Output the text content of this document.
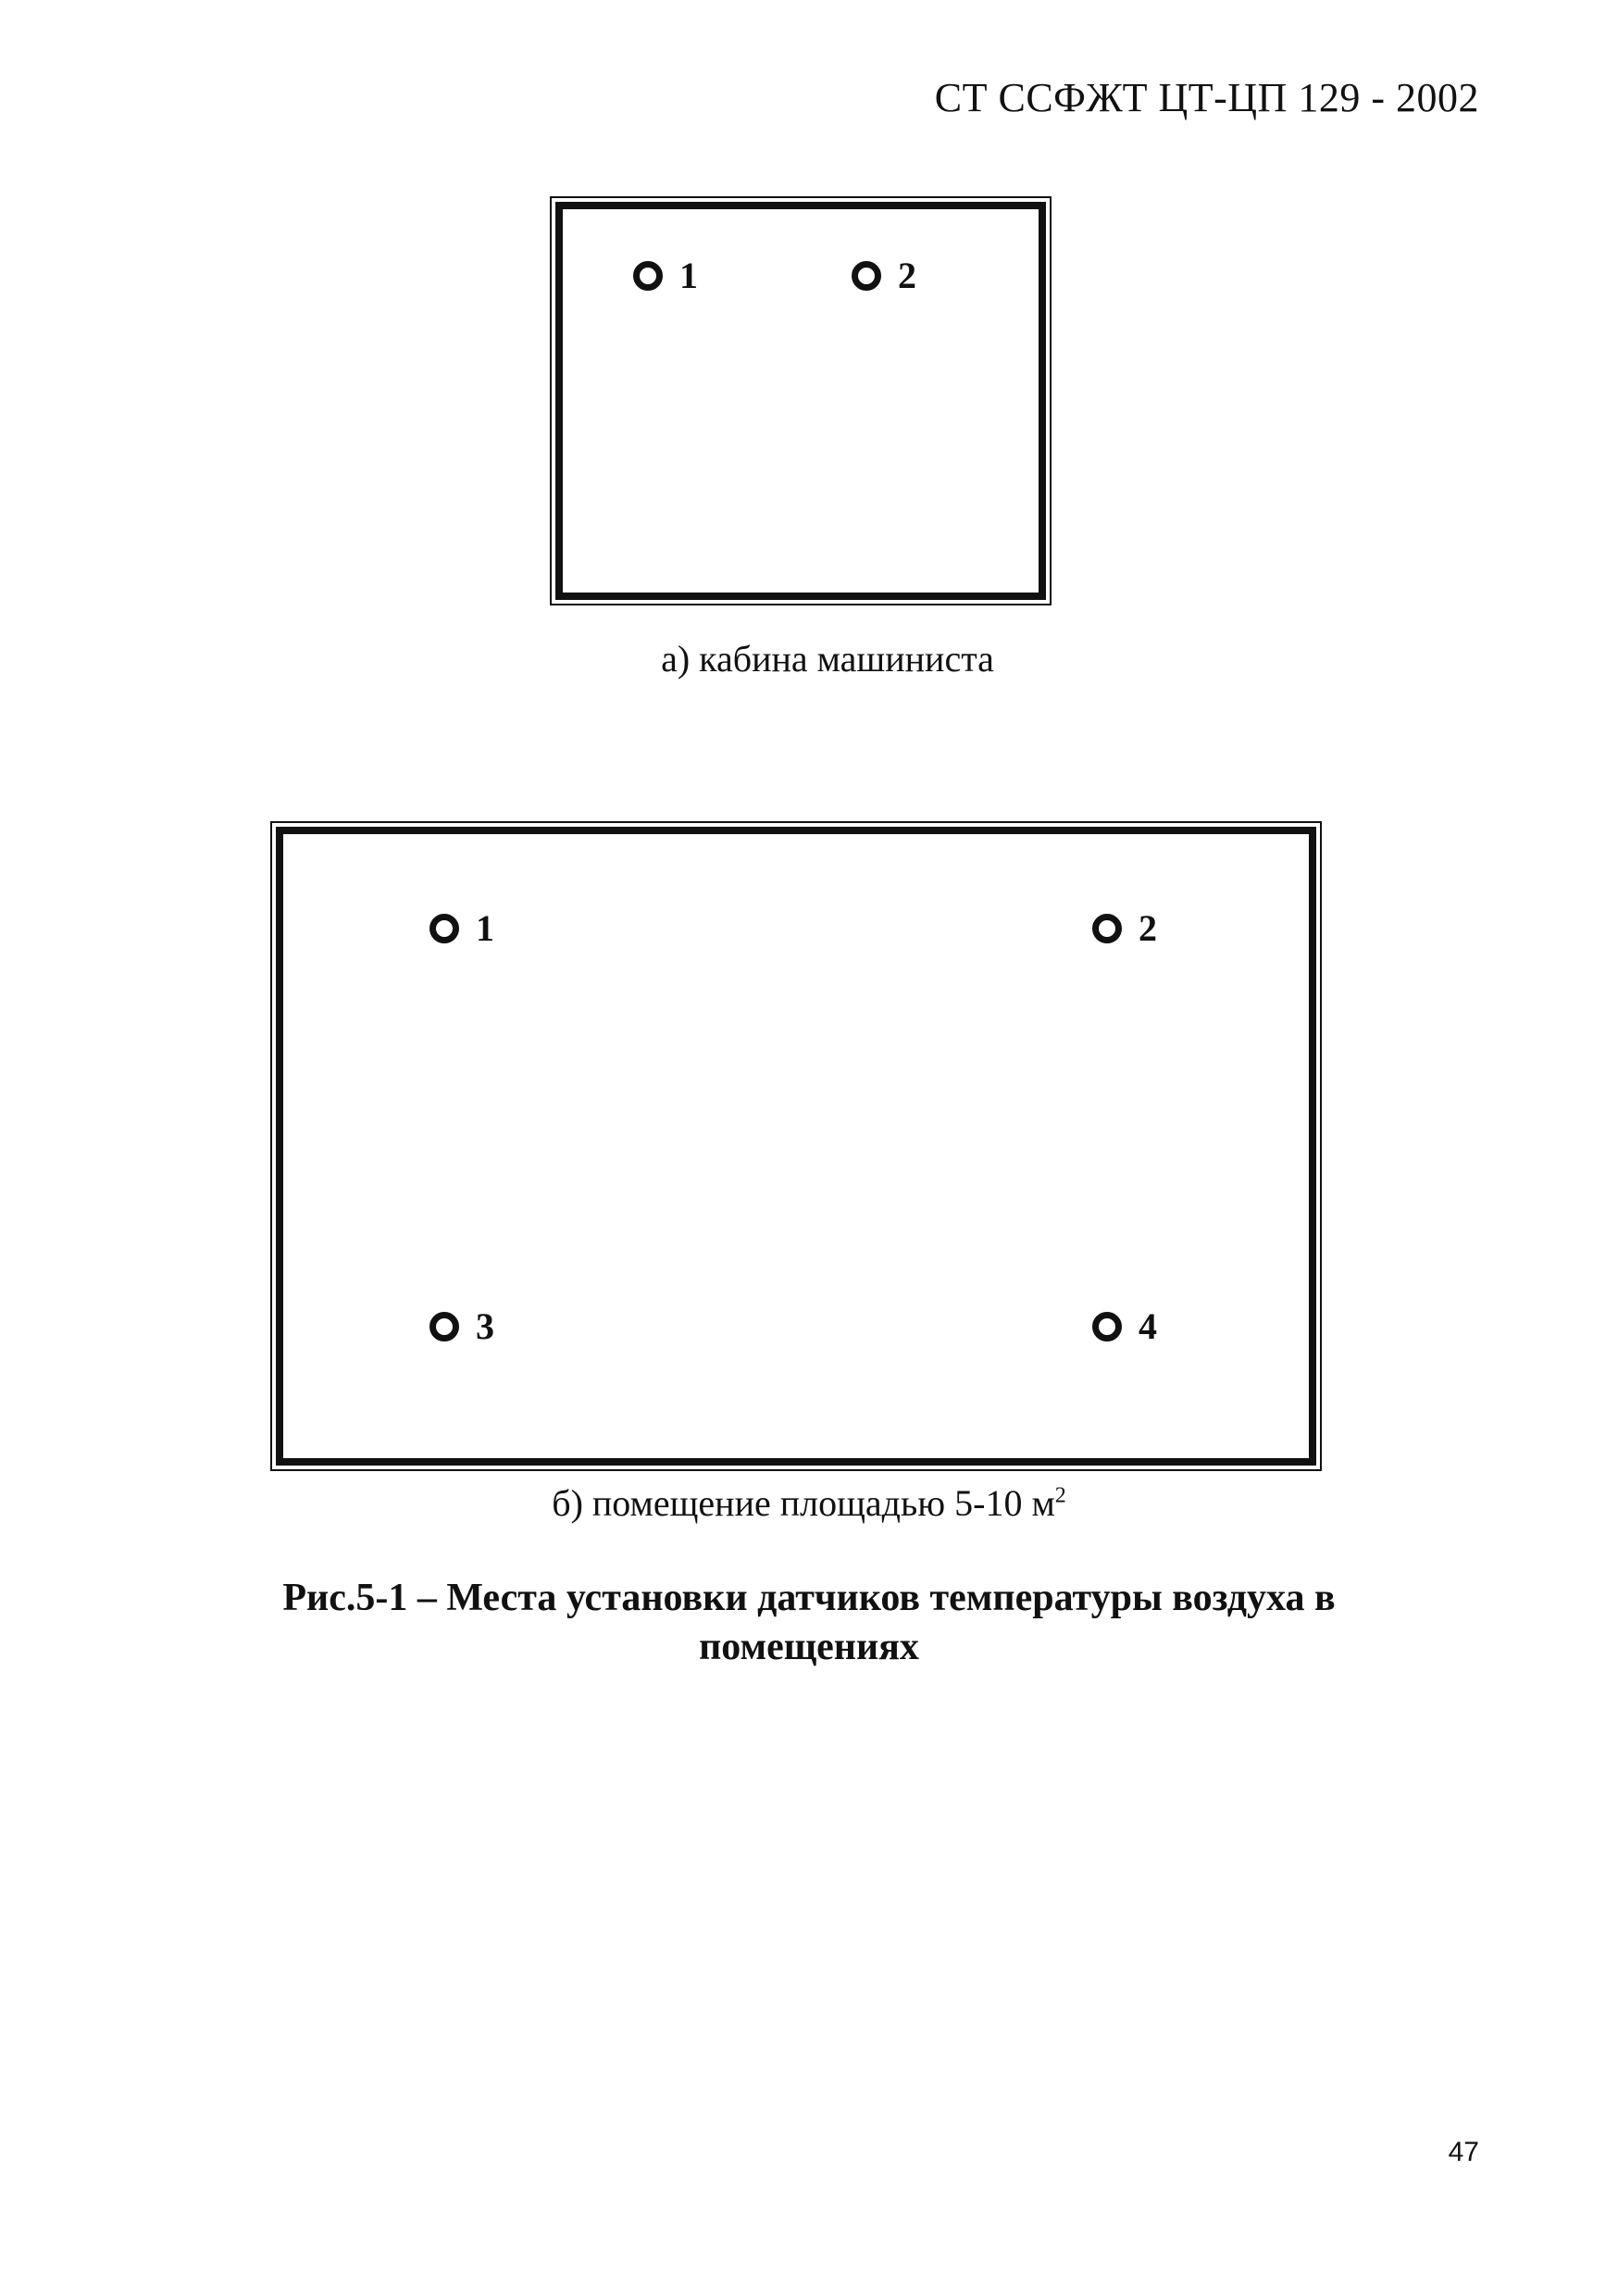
СТ ССФЖТ ЦТ-ЦП 129 - 2002
1	2
а) кабина машиниста
1	2
3	4
б) помещение площадью 5-10 $м^2$
Рис.5-1 – Места установки датчиков температуры воздуха в помещениях
47
